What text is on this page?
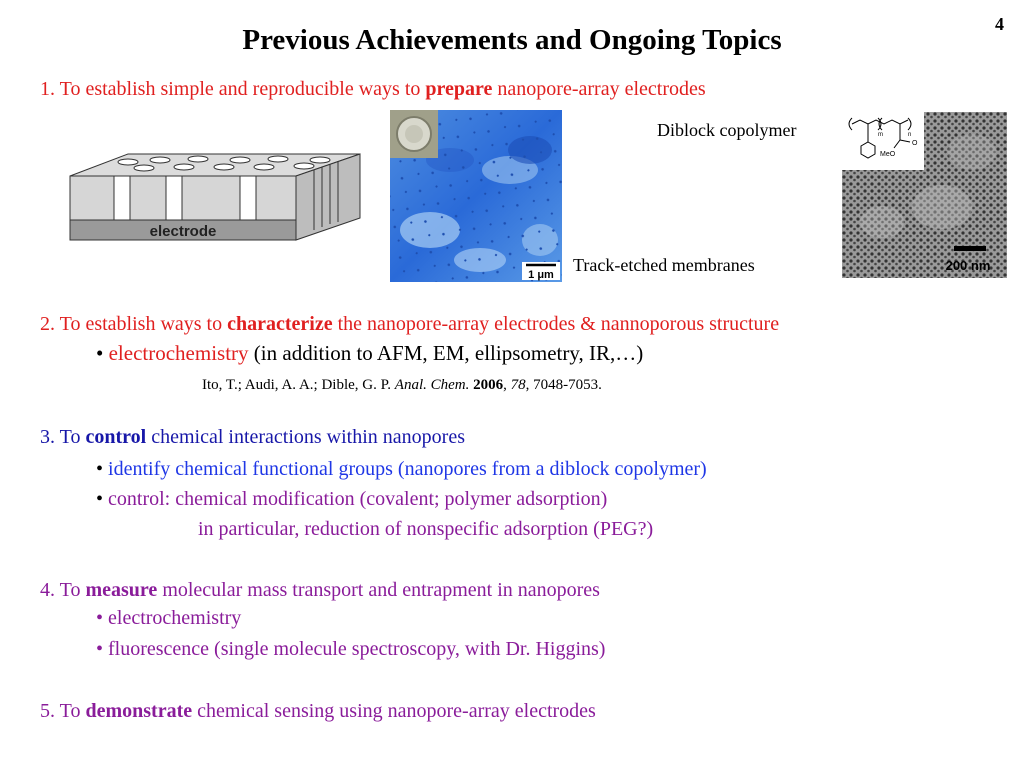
4
Previous Achievements and Ongoing Topics
1. To establish simple and reproducible ways to prepare nanopore-array electrodes
electrode
1 μm Track-etched membranes
Diblock copolymer	m	n
O
MeO
200 nm
2. To establish ways to characterize the nanopore-array electrodes & nannoporous structure
• electrochemistry (in addition to AFM, EM, ellipsometry, IR,…)
Ito, T.; Audi, A. A.; Dible, G. P. Anal. Chem. 2006, 78, 7048-7053.
3. To control chemical interactions within nanopores
• identify chemical functional groups (nanopores from a diblock copolymer)
• control: chemical modification (covalent; polymer adsorption)
in particular, reduction of nonspecific adsorption (PEG?)
4. To measure molecular mass transport and entrapment in nanopores
• electrochemistry
• fluorescence (single molecule spectroscopy, with Dr. Higgins)
5. To demonstrate chemical sensing using nanopore-array electrodes
